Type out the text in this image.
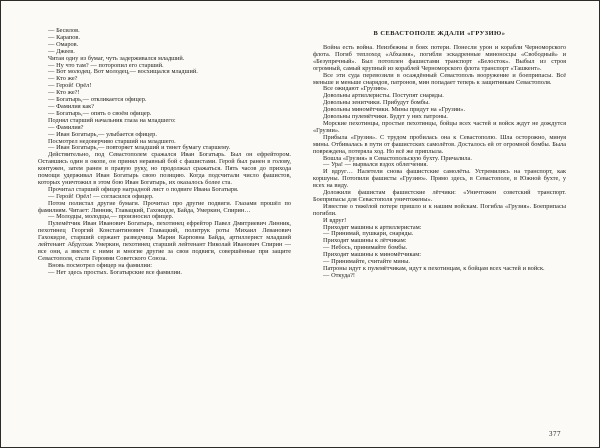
— Бесилов.

— Карапов.

— Омаров.

— Джеев.

Читая одну из бумаг, чуть задерживался младший.

— Ну что там? — поторопил его старший.

— Вот молодец. Вот молодец,— восхищался младший.

— Кто же?

— Герой! Орёл!

— Кто же?!

— Богатырь,— откликается офицер.

— Фамилия как?

— Богатырь,— опять о своём офицер.

Поднял старший начальник глаза на младшего:

— Фамилия?

— Иван Богатырь,— улыбается офицер.

Посмотрел недоверчиво старший на младшего.

— Иван Богатырь,— повторяет младший и тянет бумагу старшему.

Действительно, под Севастополем сражался Иван Богатырь. Был он ефрейтором. Оставшись один в окопе, он принял неравный бой с фашистами. Герой был ранен в голову, контужен, затем ранен в правую руку, но продолжал сражаться. Пять часов до прихода помощи удерживал Иван Богатырь свою позицию. Когда подсчитали число фашистов, которых уничтожил в этом бою Иван Богатырь, их оказалось более ста.

Прочитал старший офицер наградной лист о подвиге Ивана Богатыря.

— Герой! Орёл! — согласился офицер.

Потом полистал другие бумаги. Прочитал про другие подвиги. Глазами прошёл по фамилиям. Читает: Линник, Главацкий, Гахокидзе, Байда, Умеркин, Спирин…

— Молодцы, молодцы,— произносил офицер.

Пулемётчик Иван Иванович Богатырь, пехотинец ефрейтор Павел Дмитриевич Линник, пехотинец Георгий Константинович Главацкий, политрук роты Михаил Леванович Гахокидзе, старший сержант разведчица Мария Карповна Байда, артиллерист младший лейтенант Абдулхак Умеркин, пехотинец старший лейтенант Николай Иванович Спирин — все они, а вместе с ними и многие другие за свои подвиги, совершённые при защите Севастополя, стали Героями Советского Союза.

Вновь посмотрел офицер на фамилии:

— Нет здесь простых. Богатырские все фамилии.

В СЕВАСТОПОЛЕ ЖДАЛИ «ГРУЗИЮ»

Война есть война. Неизбежны в боях потери. Понесли урон и корабли Черноморского флота. Погиб теплоход «Абхазия», погибли эскадренные миноносцы «Свободный» и «Безупречный». Был потоплен фашистами транспорт «Белосток». Выбыл из строя огромный, самый крупный из кораблей Черноморского флота транспорт «Ташкент».

Все эти суда перевозили в осаждённый Севастополь вооружение и боеприпасы. Всё меньше и меньше снарядов, патронов, мин попадает теперь к защитникам Севастополя.

Все ожидают «Грузию».

Довольны артиллеристы. Поступят снаряды.

Довольны зенитчики. Прибудут бомбы.

Довольны миномётчики. Мины придут на «Грузии».

Довольны пулемётчики. Будут у них патроны.

Морские пехотинцы, простые пехотинцы, бойцы всех частей и войск ждут не дождутся «Грузии».

Прибыла «Грузия». С трудом пробилась она к Севастополю. Шла осторожно, минуя мины. Отбивалась в пути от фашистских самолётов. Досталось ей от огромной бомбы. Была повреждена, потеряла ход. Но всё же приплыла.

Вошла «Грузия» в Севастопольскую бухту. Причалила.

— Ура! — вырвался вздох облегчения.

И вдруг… Налетели снова фашистские самолёты. Устремились на транспорт, как коршуны. Потопили фашисты «Грузию». Прямо здесь, в Севастополе, в Южной бухте, у всех на виду.

Доложили фашистам фашистские лётчики: «Уничтожен советский транспорт. Боеприпасы для Севастополя уничтожены».

Известие о тяжёлой потере пришло и к нашим войскам. Погибла «Грузия». Боеприпасы погибли.

И вдруг!

Приходят машины к артиллеристам:

— Принимай, пушкари, снаряды.

Приходят машины к лётчикам:

— Небось, принимайте бомбы.

Приходят машины к миномётчикам:

— Принимайте, считайте мины.

Патроны идут к пулемётчикам, идут к пехотинцам, к бойцам всех частей и войск.

— Откуда?!

377
